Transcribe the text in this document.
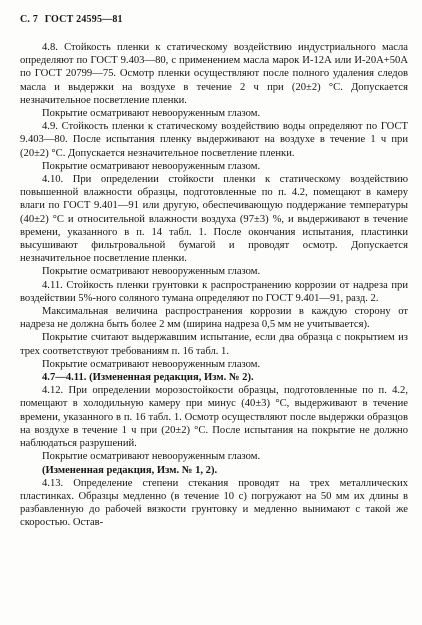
С. 7 ГОСТ 24595—81

4.8. Стойкость пленки к статическому воздействию индустриального масла определяют по ГОСТ 9.403—80, с применением масла марок И-12А или И-20А+50А по ГОСТ 20799—75. Осмотр пленки осуществляют после полного удаления следов масла и выдержки на воздухе в течение 2 ч при (20±2) °С. Допускается незначительное посветление пленки.

Покрытие осматривают невооруженным глазом.

4.9. Стойкость пленки к статическому воздействию воды определяют по ГОСТ 9.403—80. После испытания пленку выдерживают на воздухе в течение 1 ч при (20±2) °С. Допускается незначительное посветление пленки.

Покрытие осматривают невооруженным глазом.

4.10. При определении стойкости пленки к статическому воздействию повышенной влажности образцы, подготовленные по п. 4.2, помещают в камеру влаги по ГОСТ 9.401—91 или другую, обеспечивающую поддержание температуры (40±2) °С и относительной влажности воздуха (97±3) %, и выдерживают в течение времени, указанного в п. 14 табл. 1. После окончания испытания, пластинки высушивают фильтровальной бумагой и проводят осмотр. Допускается незначительное посветление пленки.

Покрытие осматривают невооруженным глазом.

4.11. Стойкость пленки грунтовки к распространению коррозии от надреза при воздействии 5%-ного соляного тумана определяют по ГОСТ 9.401—91, разд. 2.

Максимальная величина распространения коррозии в каждую сторону от надреза не должна быть более 2 мм (ширина надреза 0,5 мм не учитывается).

Покрытие считают выдержавшим испытание, если два образца с покрытием из трех соответствуют требованиям п. 16 табл. 1.

Покрытие осматривают невооруженным глазом.

4.7—4.11. (Измененная редакция, Изм. № 2).

4.12. При определении морозостойкости образцы, подготовленные по п. 4.2, помещают в холодильную камеру при минус (40±3) °С, выдерживают в течение времени, указанного в п. 16 табл. 1. Осмотр осуществляют после выдержки образцов на воздухе в течение 1 ч при (20±2) °С. После испытания на покрытие не должно наблюдаться разрушений.

Покрытие осматривают невооруженным глазом.

(Измененная редакция, Изм. № 1, 2).

4.13. Определение степени стекания проводят на трех металлических пластинках. Образцы медленно (в течение 10 с) погружают на 50 мм их длины в разбавленную до рабочей вязкости грунтовку и медленно вынимают с такой же скоростью. Остав-
